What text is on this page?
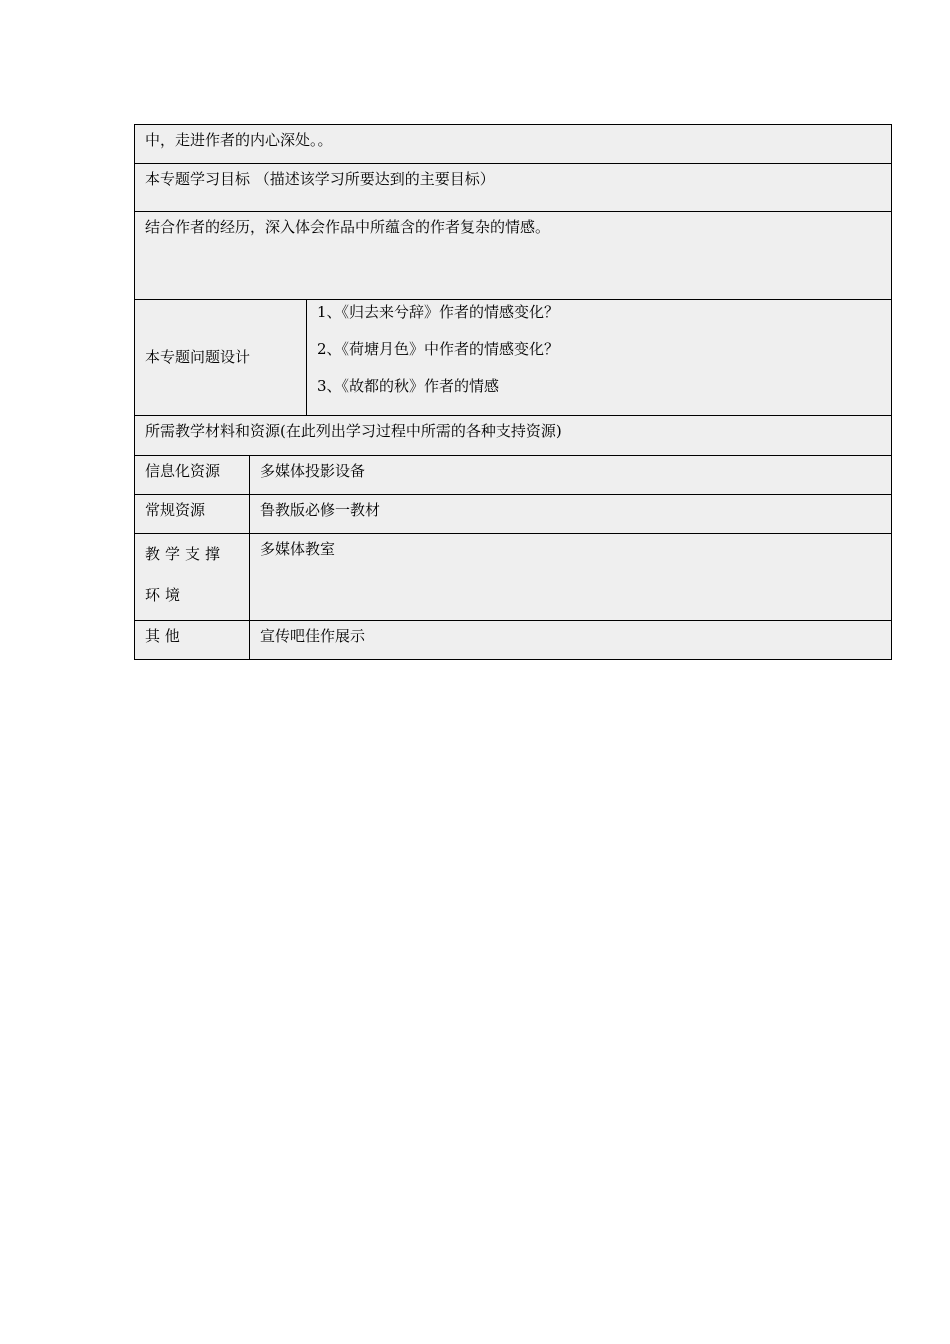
中，走进作者的内心深处。。		
本专题学习目标 （描述该学习所要达到的主要目标）		
结合作者的经历，深入体会作品中所蕴含的作者复杂的情感。		
本专题问题设计		1、《归去来兮辞》作者的情感变化？
2、《荷塘月色》中作者的情感变化？
3、《故都的秋》作者的情感

所需教学材料和资源(在此列出学习过程中所需的各种支持资源)		
信息化资源	多媒体投影设备	
常规资源	鲁教版必修一教材	
教学支撑环境	多媒体教室	
其 他	宣传吧佳作展示	
